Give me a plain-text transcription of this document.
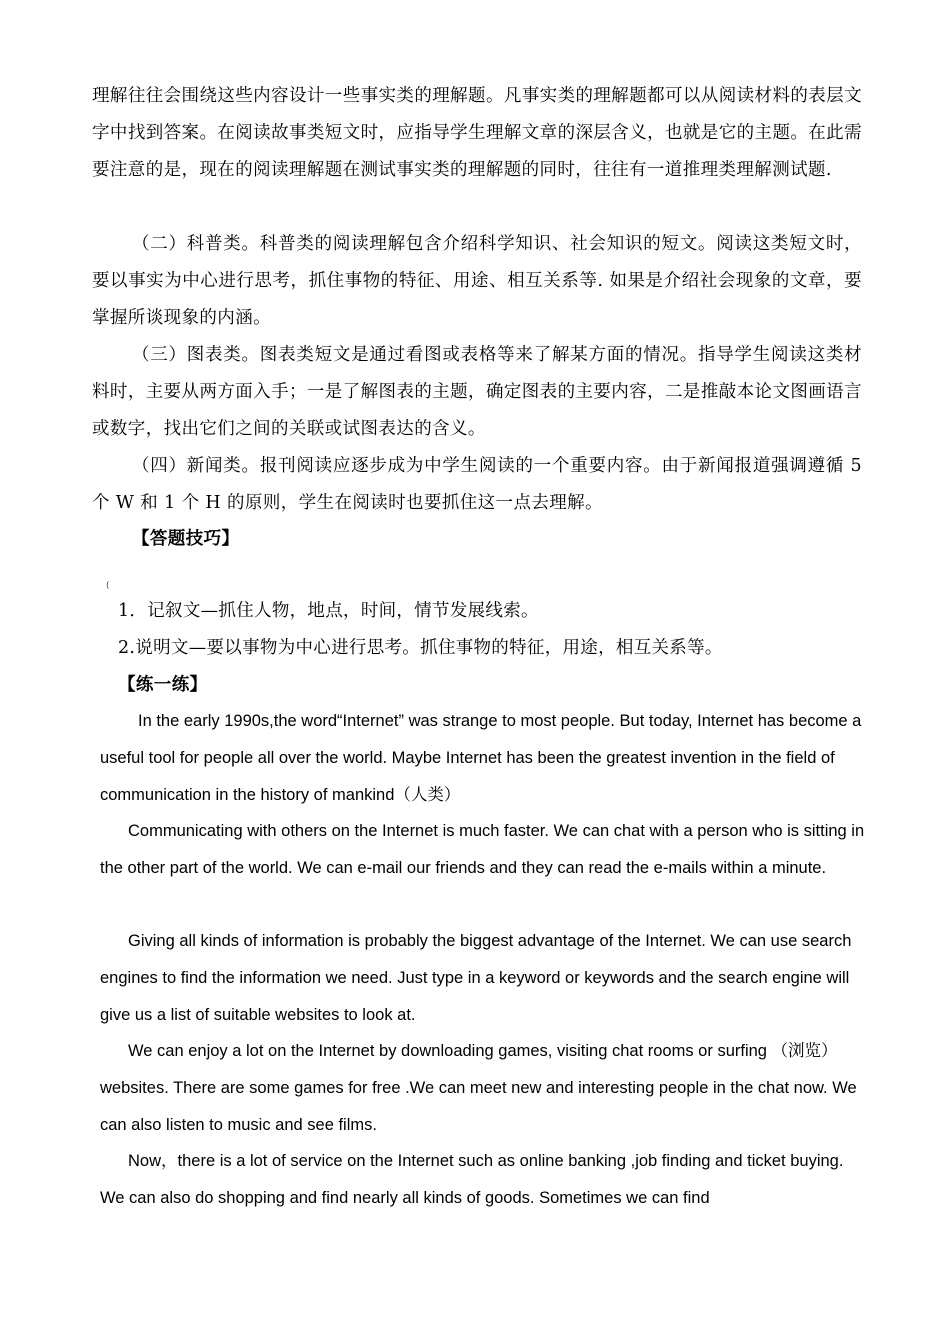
理解往往会围绕这些内容设计一些事实类的理解题。凡事实类的理解题都可以从阅读材料的表层文字中找到答案。在阅读故事类短文时，应指导学生理解文章的深层含义，也就是它的主题。在此需要注意的是，现在的阅读理解题在测试事实类的理解题的同时，往往有一道推理类理解测试题.

（二）科普类。科普类的阅读理解包含介绍科学知识、社会知识的短文。阅读这类短文时，要以事实为中心进行思考，抓住事物的特征、用途、相互关系等. 如果是介绍社会现象的文章，要掌握所谈现象的内涵。

（三）图表类。图表类短文是通过看图或表格等来了解某方面的情况。指导学生阅读这类材料时，主要从两方面入手；一是了解图表的主题，确定图表的主要内容，二是推敲本论文图画语言或数字，找出它们之间的关联或试图表达的含义。

（四）新闻类。报刊阅读应逐步成为中学生阅读的一个重要内容。由于新闻报道强调遵循 5 个 W 和 1 个 H 的原则，学生在阅读时也要抓住这一点去理解。

【答题技巧】
(
1．记叙文—抓住人物，地点，时间，情节发展线索。
2.说明文—要以事物为中心进行思考。抓住事物的特征，用途，相互关系等。
【练一练】

In the early 1990s,the word“Internet” was strange to most people. But today, Internet has become a useful tool for people all over the world. Maybe Internet has been the greatest invention in the field of communication in the history of mankind（人类）

Communicating with others on the Internet is much faster. We can chat with a person who is sitting in the other part of the world. We can e-mail our friends and they can read the e-mails within a minute.

Giving all kinds of information is probably the biggest advantage of the Internet. We can use search engines to find the information we need. Just type in a keyword or keywords and the search engine will give us a list of suitable websites to look at.

We can enjoy a lot on the Internet by downloading games, visiting chat rooms or surfing （浏览）websites. There are some games for free .We can meet new and interesting people in the chat now. We can also listen to music and see films.

Now，there is a lot of service on the Internet such as online banking ,job finding and ticket buying. We can also do shopping and find nearly all kinds of goods. Sometimes we can find
